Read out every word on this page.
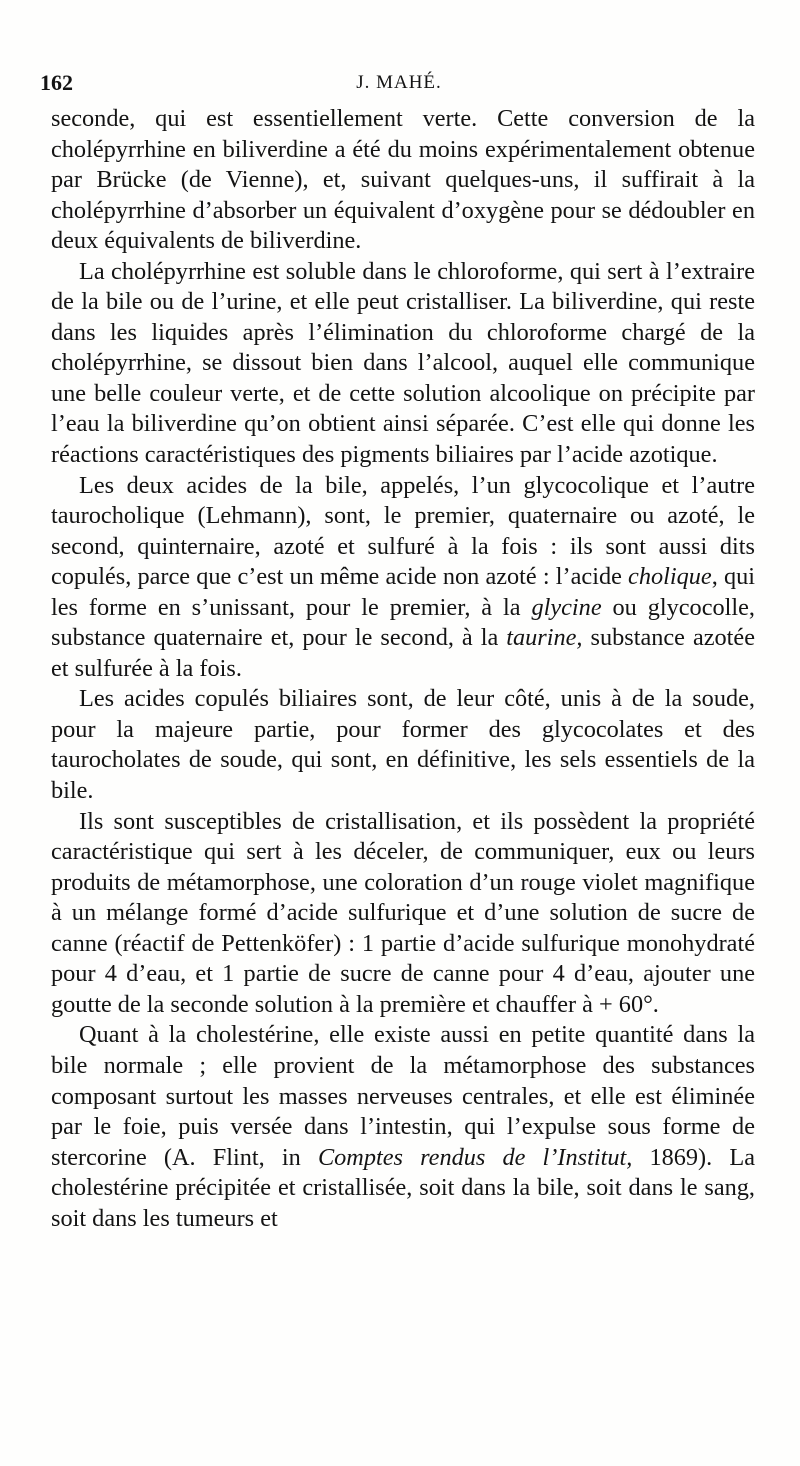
162	J. MAHÉ.

seconde, qui est essentiellement verte. Cette conversion de la cholépyrrhine en biliverdine a été du moins expérimentalement obtenue par Brücke (de Vienne), et, suivant quelques-uns, il suffirait à la cholépyrrhine d’absorber un équivalent d’oxygène pour se dédoubler en deux équivalents de biliverdine.

La cholépyrrhine est soluble dans le chloroforme, qui sert à l’extraire de la bile ou de l’urine, et elle peut cristalliser. La biliverdine, qui reste dans les liquides après l’élimination du chloroforme chargé de la cholépyrrhine, se dissout bien dans l’alcool, auquel elle communique une belle couleur verte, et de cette solution alcoolique on précipite par l’eau la biliverdine qu’on obtient ainsi séparée. C’est elle qui donne les réactions caractéristiques des pigments biliaires par l’acide azotique.

Les deux acides de la bile, appelés, l’un glycocolique et l’autre taurocholique (Lehmann), sont, le premier, quaternaire ou azoté, le second, quinternaire, azoté et sulfuré à la fois : ils sont aussi dits copulés, parce que c’est un même acide non azoté : l’acide cholique, qui les forme en s’unissant, pour le premier, à la glycine ou glycocolle, substance quaternaire et, pour le second, à la taurine, substance azotée et sulfurée à la fois.

Les acides copulés biliaires sont, de leur côté, unis à de la soude, pour la majeure partie, pour former des glycocolates et des taurocholates de soude, qui sont, en définitive, les sels essentiels de la bile.

Ils sont susceptibles de cristallisation, et ils possèdent la propriété caractéristique qui sert à les déceler, de communiquer, eux ou leurs produits de métamorphose, une coloration d’un rouge violet magnifique à un mélange formé d’acide sulfurique et d’une solution de sucre de canne (réactif de Pettenköfer) : 1 partie d’acide sulfurique monohydraté pour 4 d’eau, et 1 partie de sucre de canne pour 4 d’eau, ajouter une goutte de la seconde solution à la première et chauffer à + 60°.

Quant à la cholestérine, elle existe aussi en petite quantité dans la bile normale ; elle provient de la métamorphose des substances composant surtout les masses nerveuses centrales, et elle est éliminée par le foie, puis versée dans l’intestin, qui l’expulse sous forme de stercorine (A. Flint, in Comptes rendus de l’Institut, 1869). La cholestérine précipitée et cristallisée, soit dans la bile, soit dans le sang, soit dans les tumeurs et
